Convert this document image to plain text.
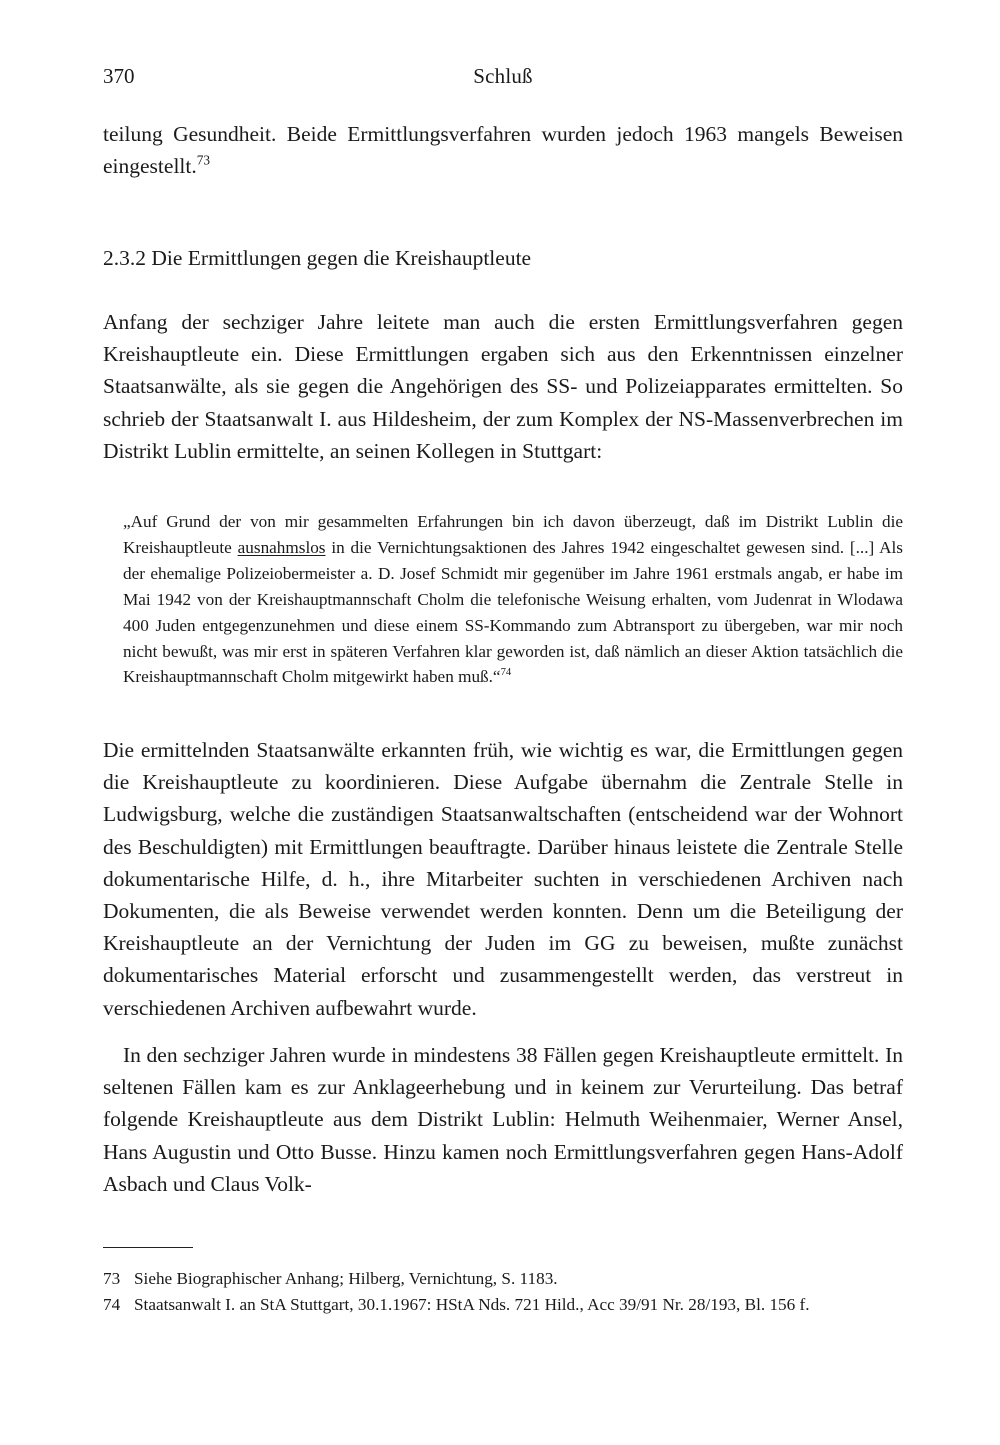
370	Schluß
teilung Gesundheit. Beide Ermittlungsverfahren wurden jedoch 1963 mangels Beweisen eingestellt.$^{73}$
2.3.2 Die Ermittlungen gegen die Kreishauptleute
Anfang der sechziger Jahre leitete man auch die ersten Ermittlungsverfahren gegen Kreishauptleute ein. Diese Ermittlungen ergaben sich aus den Erkenntnissen einzelner Staatsanwälte, als sie gegen die Angehörigen des SS- und Polizeiapparates ermittelten. So schrieb der Staatsanwalt I. aus Hildesheim, der zum Komplex der NS-Massenverbrechen im Distrikt Lublin ermittelte, an seinen Kollegen in Stuttgart:
„Auf Grund der von mir gesammelten Erfahrungen bin ich davon überzeugt, daß im Distrikt Lublin die Kreishauptleute ausnahmslos in die Vernichtungsaktionen des Jahres 1942 eingeschaltet gewesen sind. [...] Als der ehemalige Polizeiobermeister a. D. Josef Schmidt mir gegenüber im Jahre 1961 erstmals angab, er habe im Mai 1942 von der Kreishauptmannschaft Cholm die telefonische Weisung erhalten, vom Judenrat in Wlodawa 400 Juden entgegenzunehmen und diese einem SS-Kommando zum Abtransport zu übergeben, war mir noch nicht bewußt, was mir erst in späteren Verfahren klar geworden ist, daß nämlich an dieser Aktion tatsächlich die Kreishauptmannschaft Cholm mitgewirkt haben muß.“$^{74}$
Die ermittelnden Staatsanwälte erkannten früh, wie wichtig es war, die Ermittlungen gegen die Kreishauptleute zu koordinieren. Diese Aufgabe übernahm die Zentrale Stelle in Ludwigsburg, welche die zuständigen Staatsanwaltschaften (entscheidend war der Wohnort des Beschuldigten) mit Ermittlungen beauftragte. Darüber hinaus leistete die Zentrale Stelle dokumentarische Hilfe, d. h., ihre Mitarbeiter suchten in verschiedenen Archiven nach Dokumenten, die als Beweise verwendet werden konnten. Denn um die Beteiligung der Kreishauptleute an der Vernichtung der Juden im GG zu beweisen, mußte zunächst dokumentarisches Material erforscht und zusammengestellt werden, das verstreut in verschiedenen Archiven aufbewahrt wurde.
In den sechziger Jahren wurde in mindestens 38 Fällen gegen Kreishauptleute ermittelt. In seltenen Fällen kam es zur Anklageerhebung und in keinem zur Verurteilung. Das betraf folgende Kreishauptleute aus dem Distrikt Lublin: Helmuth Weihenmaier, Werner Ansel, Hans Augustin und Otto Busse. Hinzu kamen noch Ermittlungsverfahren gegen Hans-Adolf Asbach und Claus Volk-
73 Siehe Biographischer Anhang; Hilberg, Vernichtung, S. 1183.
74 Staatsanwalt I. an StA Stuttgart, 30.1.1967: HStA Nds. 721 Hild., Acc 39/91 Nr. 28/193, Bl. 156 f.
